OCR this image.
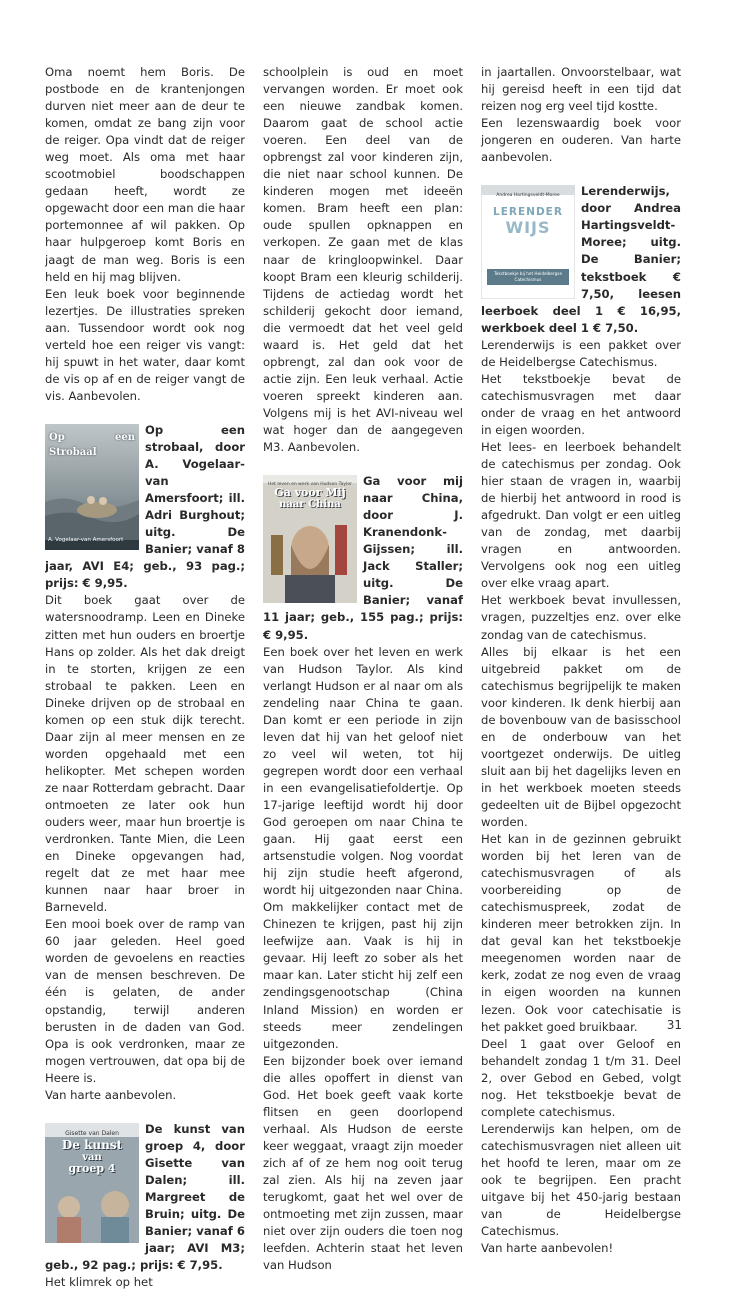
Oma noemt hem Boris. De postbode en de krantenjongen durven niet meer aan de deur te komen, omdat ze bang zijn voor de reiger. Opa vindt dat de reiger weg moet. Als oma met haar scootmobiel boodschappen gedaan heeft, wordt ze opgewacht door een man die haar portemonnee af wil pakken. Op haar hulpgeroep komt Boris en jaagt de man weg. Boris is een held en hij mag blijven.

Een leuk boek voor beginnende lezertjes. De illustraties spreken aan. Tussendoor wordt ook nog verteld hoe een reiger vis vangt: hij spuwt in het water, daar komt de vis op af en de reiger vangt de vis. Aanbevolen.

Op een Strobaal
A. Vogelaar-van Amersfoort

Op een strobaal, door A. Vogelaar-van Amersfoort; ill. Adri Burghout; uitg. De Banier; vanaf 8 jaar, AVI E4; geb., 93 pag.; prijs: € 9,95.

Dit boek gaat over de watersnoodramp. Leen en Dineke zitten met hun ouders en broertje Hans op zolder. Als het dak dreigt in te storten, krijgen ze een strobaal te pakken. Leen en Dineke drijven op de strobaal en komen op een stuk dijk terecht. Daar zijn al meer mensen en ze worden opgehaald met een helikopter. Met schepen worden ze naar Rotterdam gebracht. Daar ontmoeten ze later ook hun ouders weer, maar hun broertje is verdronken. Tante Mien, die Leen en Dineke opgevangen had, regelt dat ze met haar mee kunnen naar haar broer in Barneveld.

Een mooi boek over de ramp van 60 jaar geleden. Heel goed worden de gevoelens en reacties van de mensen beschreven. De één is gelaten, de ander opstandig, terwijl anderen berusten in de daden van God. Opa is ook verdronken, maar ze mogen vertrouwen, dat opa bij de Heere is.

Van harte aanbevolen.

Gisette van Dalen
De kunst
van
groep 4

De kunst van groep 4, door Gisette van Dalen; ill. Margreet de Bruin; uitg. De Banier; vanaf 6 jaar; AVI M3; geb., 92 pag.; prijs: € 7,95.

Het klimrek op het

schoolplein is oud en moet vervangen worden. Er moet ook een nieuwe zandbak komen. Daarom gaat de school actie voeren. Een deel van de opbrengst zal voor kinderen zijn, die niet naar school kunnen. De kinderen mogen met ideeën komen. Bram heeft een plan: oude spullen opknappen en verkopen. Ze gaan met de klas naar de kringloopwinkel. Daar koopt Bram een kleurig schilderij. Tijdens de actiedag wordt het schilderij gekocht door iemand, die vermoedt dat het veel geld waard is. Het geld dat het opbrengt, zal dan ook voor de actie zijn. Een leuk verhaal. Actie voeren spreekt kinderen aan. Volgens mij is het AVI-niveau wel wat hoger dan de aangegeven M3. Aanbevolen.

Het leven en werk van Hudson Taylor
Ga voor Mij
naar China

Ga voor mij naar China, door J. Kranendonk-Gijssen; ill. Jack Staller; uitg. De Banier; vanaf 11 jaar; geb., 155 pag.; prijs: € 9,95.

Een boek over het leven en werk van Hudson Taylor. Als kind verlangt Hudson er al naar om als zendeling naar China te gaan. Dan komt er een periode in zijn leven dat hij van het geloof niet zo veel wil weten, tot hij gegrepen wordt door een verhaal in een evangelisatiefoldertje. Op 17-jarige leeftijd wordt hij door God geroepen om naar China te gaan. Hij gaat eerst een artsenstudie volgen. Nog voordat hij zijn studie heeft afgerond, wordt hij uitgezonden naar China. Om makkelijker contact met de Chinezen te krijgen, past hij zijn leefwijze aan. Vaak is hij in gevaar. Hij leeft zo sober als het maar kan. Later sticht hij zelf een zendingsgenootschap (China Inland Mission) en worden er steeds meer zendelingen uitgezonden.

Een bijzonder boek over iemand die alles opoffert in dienst van God. Het boek geeft vaak korte flitsen en geen doorlopend verhaal. Als Hudson de eerste keer weggaat, vraagt zijn moeder zich af of ze hem nog ooit terug zal zien. Als hij na zeven jaar terugkomt, gaat het wel over de ontmoeting met zijn zussen, maar niet over zijn ouders die toen nog leefden. Achterin staat het leven van Hudson

in jaartallen. Onvoorstelbaar, wat hij gereisd heeft in een tijd dat reizen nog erg veel tijd kostte.

Een lezenswaardig boek voor jongeren en ouderen. Van harte aanbevolen.

Andrea Hartingsveldt-Moree
LERENDER
WIJS
Tekstboekje bij het Heidelbergse Catechismus

Lerenderwijs, door Andrea Hartingsveldt-Moree; uitg. De Banier; tekstboek € 7,50, leesen leerboek deel 1 € 16,95, werkboek deel 1 € 7,50.

Lerenderwijs is een pakket over de Heidelbergse Catechismus.

Het tekstboekje bevat de catechismusvragen met daar onder de vraag en het antwoord in eigen woorden.

Het lees- en leerboek behandelt de catechismus per zondag. Ook hier staan de vragen in, waarbij de hierbij het antwoord in rood is afgedrukt. Dan volgt er een uitleg van de zondag, met daarbij vragen en antwoorden. Vervolgens ook nog een uitleg over elke vraag apart.

Het werkboek bevat invullessen, vragen, puzzeltjes enz. over elke zondag van de catechismus.

Alles bij elkaar is het een uitgebreid pakket om de catechismus begrijpelijk te maken voor kinderen. Ik denk hierbij aan de bovenbouw van de basisschool en de onderbouw van het voortgezet onderwijs. De uitleg sluit aan bij het dagelijks leven en in het werkboek moeten steeds gedeelten uit de Bijbel opgezocht worden.

Het kan in de gezinnen gebruikt worden bij het leren van de catechismusvragen of als voorbereiding op de catechismuspreek, zodat de kinderen meer betrokken zijn. In dat geval kan het tekstboekje meegenomen worden naar de kerk, zodat ze nog even de vraag in eigen woorden na kunnen lezen. Ook voor catechisatie is het pakket goed bruikbaar.

Deel 1 gaat over Geloof en behandelt zondag 1 t/m 31. Deel 2, over Gebod en Gebed, volgt nog. Het tekstboekje bevat de complete catechismus.

Lerenderwijs kan helpen, om de catechismusvragen niet alleen uit het hoofd te leren, maar om ze ook te begrijpen. Een pracht uitgave bij het 450-jarig bestaan van de Heidelbergse Catechismus.

Van harte aanbevolen!

31
